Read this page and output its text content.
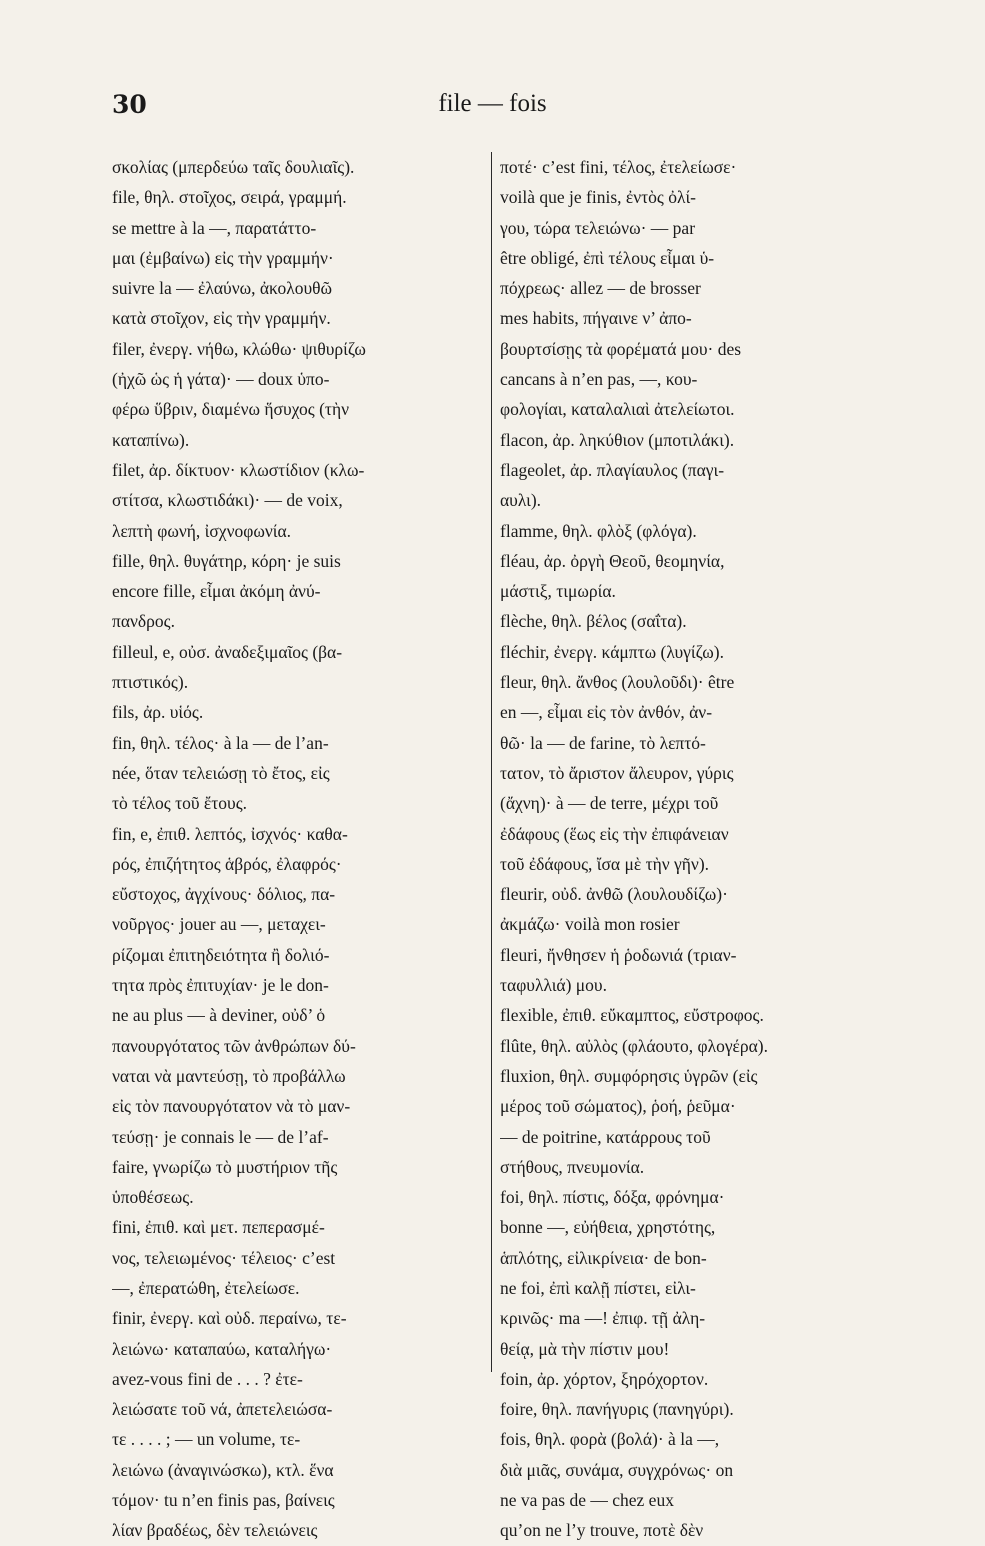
30	file — fois
σκολίας (μπερδεύω ταῖς δουλιαῖς).
file, θηλ. στοῖχος, σειρά, γραμμή.
se mettre à la —, παρατάττο-
μαι (ἐμβαίνω) εἰς τὴν γραμμήν·
suivre la — ἐλαύνω, ἀκολουθῶ
κατὰ στοῖχον, εἰς τὴν γραμμήν.
filer, ἐνεργ. νήθω, κλώθω· ψιθυρίζω
(ἠχῶ ὡς ἡ γάτα)· — doux ὑπο-
φέρω ὕβριν, διαμένω ἥσυχος (τὴν
καταπίνω).
filet, ἀρ. δίκτυον· κλωστίδιον (κλω-
στίτσα, κλωστιδάκι)· — de voix,
λεπτὴ φωνή, ἰσχνοφωνία.
fille, θηλ. θυγάτηρ, κόρη· je suis
encore fille, εἶμαι ἀκόμη ἀνύ-
πανδρος.
filleul, e, οὐσ. ἀναδεξιμαῖος (βα-
πτιστικός).
fils, ἀρ. υἱός.
fin, θηλ. τέλος· à la — de l’an-
née, ὅταν τελειώσῃ τὸ ἔτος, εἰς
τὸ τέλος τοῦ ἔτους.
fin, e, ἐπιθ. λεπτός, ἰσχνός· καθα-
ρός, ἐπιζήτητος ἁβρός, ἐλαφρός·
εὔστοχος, ἀγχίνους· δόλιος, πα-
νοῦργος· jouer au —, μεταχει-
ρίζομαι ἐπιτηδειότητα ἢ δολιό-
τητα πρὸς ἐπιτυχίαν· je le don-
ne au plus — à deviner, οὐδ’ ὁ
πανουργότατος τῶν ἀνθρώπων δύ-
ναται νὰ μαντεύσῃ, τὸ προβάλλω
εἰς τὸν πανουργότατον νὰ τὸ μαν-
τεύσῃ· je connais le — de l’af-
faire, γνωρίζω τὸ μυστήριον τῆς
ὑποθέσεως.
fini, ἐπιθ. καὶ μετ. πεπερασμέ-
νος, τελειωμένος· τέλειος· c’est
—, ἐπερατώθη, ἐτελείωσε.
finir, ἐνεργ. καὶ οὐδ. περαίνω, τε-
λειώνω· καταπαύω, καταλήγω·
avez-vous fini de . . . ? ἐτε-
λειώσατε τοῦ νά, ἀπετελειώσα-
τε . . . . ; — un volume, τε-
λειώνω (ἀναγινώσκω), κτλ. ἕνα
τόμον· tu n’en finis pas, βαίνεις
λίαν βραδέως, δὲν τελειώνεις
ποτέ· c’est fini, τέλος, ἐτελείωσε·
voilà que je finis, ἐντὸς ὀλί-
γου, τώρα τελειώνω· — par
être obligé, ἐπὶ τέλους εἶμαι ὑ-
πόχρεως· allez — de brosser
mes habits, πήγαινε ν’ ἀπο-
βουρτσίσῃς τὰ φορέματά μου· des
cancans à n’en pas, —, κου-
φολογίαι, καταλαλιαὶ ἀτελείωτοι.
flacon, ἀρ. ληκύθιον (μποτιλάκι).
flageolet, ἀρ. πλαγίαυλος (παγι-
αυλι).
flamme, θηλ. φλὸξ (φλόγα).
fléau, ἀρ. ὀργὴ Θεοῦ, θεομηνία,
μάστιξ, τιμωρία.
flèche, θηλ. βέλος (σαΐτα).
fléchir, ἐνεργ. κάμπτω (λυγίζω).
fleur, θηλ. ἄνθος (λουλοῦδι)· être
en —, εἶμαι εἰς τὸν ἀνθόν, ἀν-
θῶ· la — de farine, τὸ λεπτό-
τατον, τὸ ἄριστον ἄλευρον, γύρις
(ἄχνη)· à — de terre, μέχρι τοῦ
ἐδάφους (ἕως εἰς τὴν ἐπιφάνειαν
τοῦ ἐδάφους, ἴσα μὲ τὴν γῆν).
fleurir, οὐδ. ἀνθῶ (λουλουδίζω)·
ἀκμάζω· voilà mon rosier
fleuri, ἤνθησεν ἡ ῥοδωνιά (τριαν-
ταφυλλιά) μου.
flexible, ἐπιθ. εὔκαμπτος, εὔστροφος.
flûte, θηλ. αὐλὸς (φλάουτο, φλογέρα).
fluxion, θηλ. συμφόρησις ὑγρῶν (εἰς
μέρος τοῦ σώματος), ῥοή, ῥεῦμα·
— de poitrine, κατάρρους τοῦ
στήθους, πνευμονία.
foi, θηλ. πίστις, δόξα, φρόνημα·
bonne —, εὐήθεια, χρηστότης,
ἁπλότης, εἰλικρίνεια· de bon-
ne foi, ἐπὶ καλῇ πίστει, εἰλι-
κρινῶς· ma —! ἐπιφ. τῇ ἀλη-
θείᾳ, μὰ τὴν πίστιν μου!
foin, ἀρ. χόρτον, ξηρόχορτον.
foire, θηλ. πανήγυρις (πανηγύρι).
fois, θηλ. φορὰ (βολά)· à la —,
διὰ μιᾶς, συνάμα, συγχρόνως· on
ne va pas de — chez eux
qu’on ne l’y trouve, ποτὲ δὲν
